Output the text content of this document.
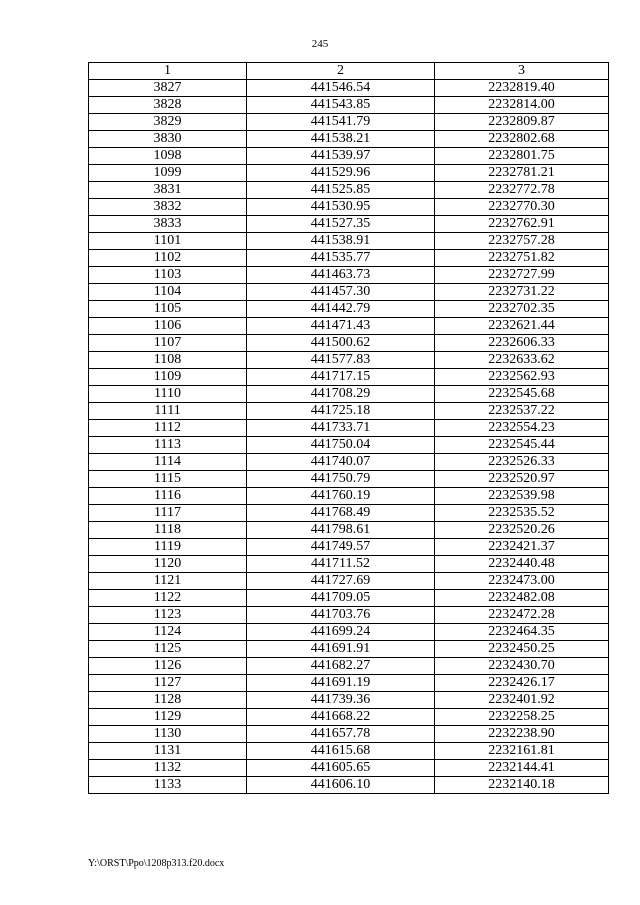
245
1	2	3
3827	441546.54	2232819.40
3828	441543.85	2232814.00
3829	441541.79	2232809.87
3830	441538.21	2232802.68
1098	441539.97	2232801.75
1099	441529.96	2232781.21
3831	441525.85	2232772.78
3832	441530.95	2232770.30
3833	441527.35	2232762.91
1101	441538.91	2232757.28
1102	441535.77	2232751.82
1103	441463.73	2232727.99
1104	441457.30	2232731.22
1105	441442.79	2232702.35
1106	441471.43	2232621.44
1107	441500.62	2232606.33
1108	441577.83	2232633.62
1109	441717.15	2232562.93
1110	441708.29	2232545.68
1111	441725.18	2232537.22
1112	441733.71	2232554.23
1113	441750.04	2232545.44
1114	441740.07	2232526.33
1115	441750.79	2232520.97
1116	441760.19	2232539.98
1117	441768.49	2232535.52
1118	441798.61	2232520.26
1119	441749.57	2232421.37
1120	441711.52	2232440.48
1121	441727.69	2232473.00
1122	441709.05	2232482.08
1123	441703.76	2232472.28
1124	441699.24	2232464.35
1125	441691.91	2232450.25
1126	441682.27	2232430.70
1127	441691.19	2232426.17
1128	441739.36	2232401.92
1129	441668.22	2232258.25
1130	441657.78	2232238.90
1131	441615.68	2232161.81
1132	441605.65	2232144.41
1133	441606.10	2232140.18
Y:\ORST\Ppo\1208p313.f20.docx
